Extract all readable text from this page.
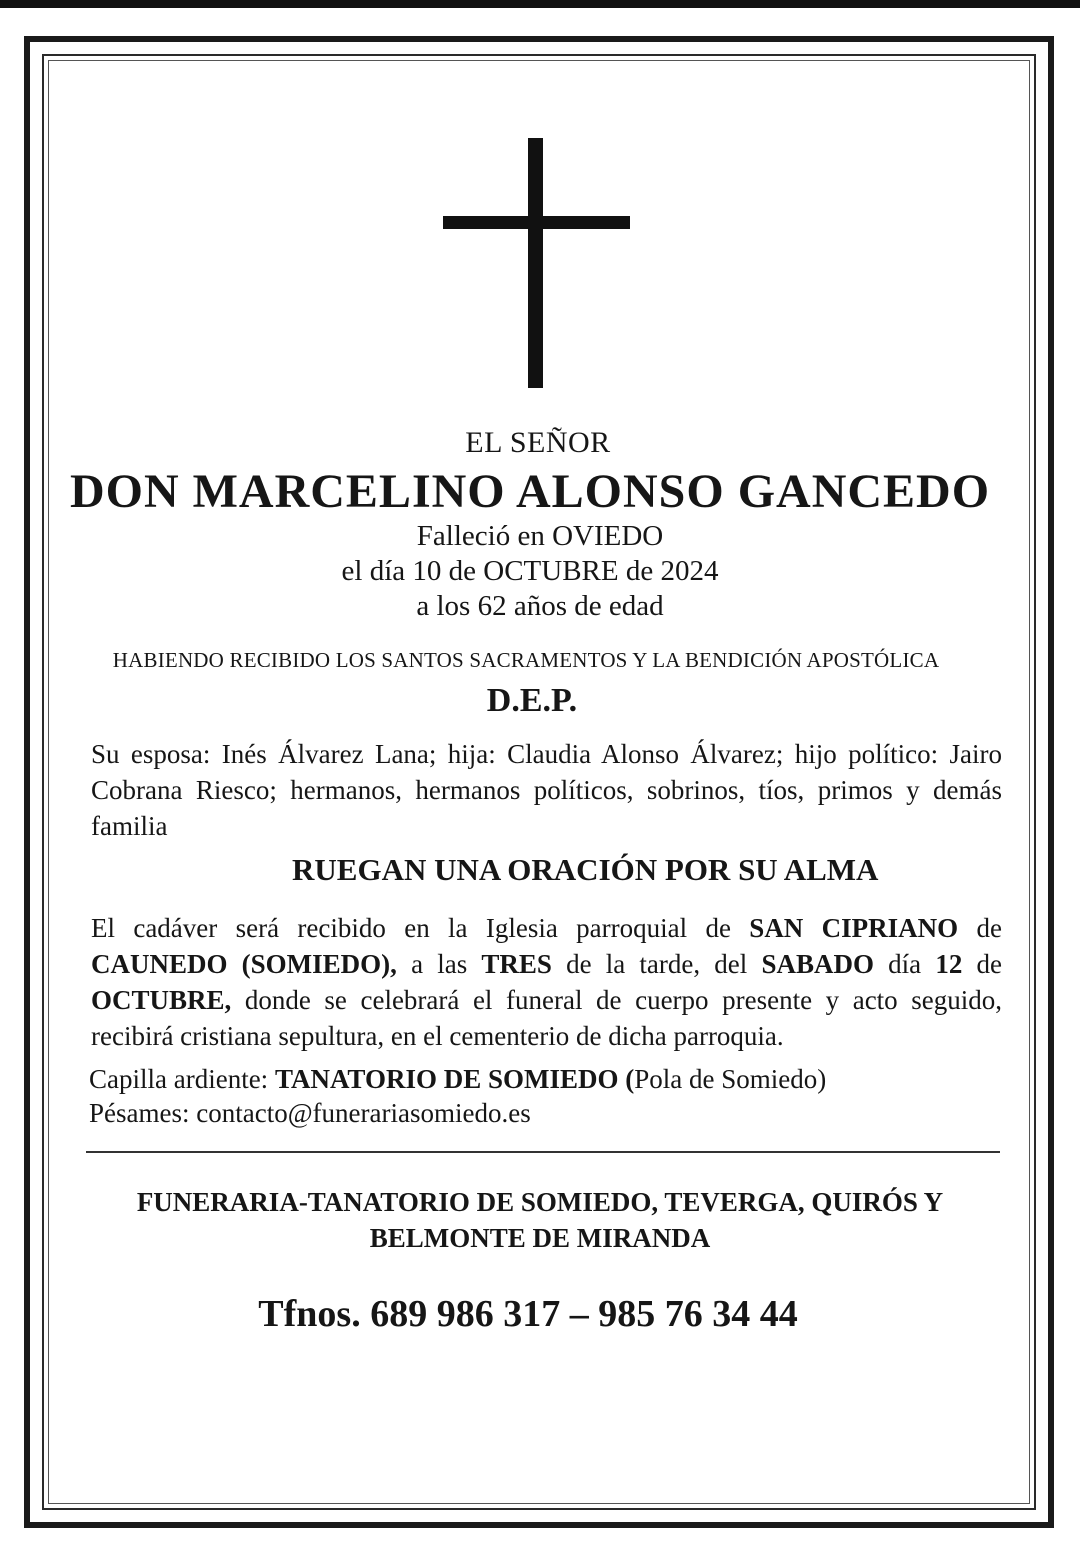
EL SEÑOR
DON MARCELINO ALONSO GANCEDO
Falleció en OVIEDO
el día 10 de OCTUBRE de 2024
a los 62 años de edad
HABIENDO RECIBIDO LOS SANTOS SACRAMENTOS Y LA BENDICIÓN APOSTÓLICA
D.E.P.
Su esposa: Inés Álvarez Lana; hija: Claudia Alonso Álvarez; hijo político: Jairo Cobrana Riesco; hermanos, hermanos políticos, sobrinos, tíos, primos y demás familia
RUEGAN UNA ORACIÓN POR SU ALMA
El cadáver será recibido en la Iglesia parroquial de SAN CIPRIANO de CAUNEDO (SOMIEDO), a las TRES de la tarde, del SABADO día 12 de OCTUBRE, donde se celebrará el funeral de cuerpo presente y acto seguido, recibirá cristiana sepultura, en el cementerio de dicha parroquia.
Capilla ardiente: TANATORIO DE SOMIEDO (Pola de Somiedo)
Pésames: contacto@funerariasomiedo.es
FUNERARIA-TANATORIO DE SOMIEDO, TEVERGA, QUIRÓS Y
BELMONTE DE MIRANDA
Tfnos. 689 986 317 – 985 76 34 44
